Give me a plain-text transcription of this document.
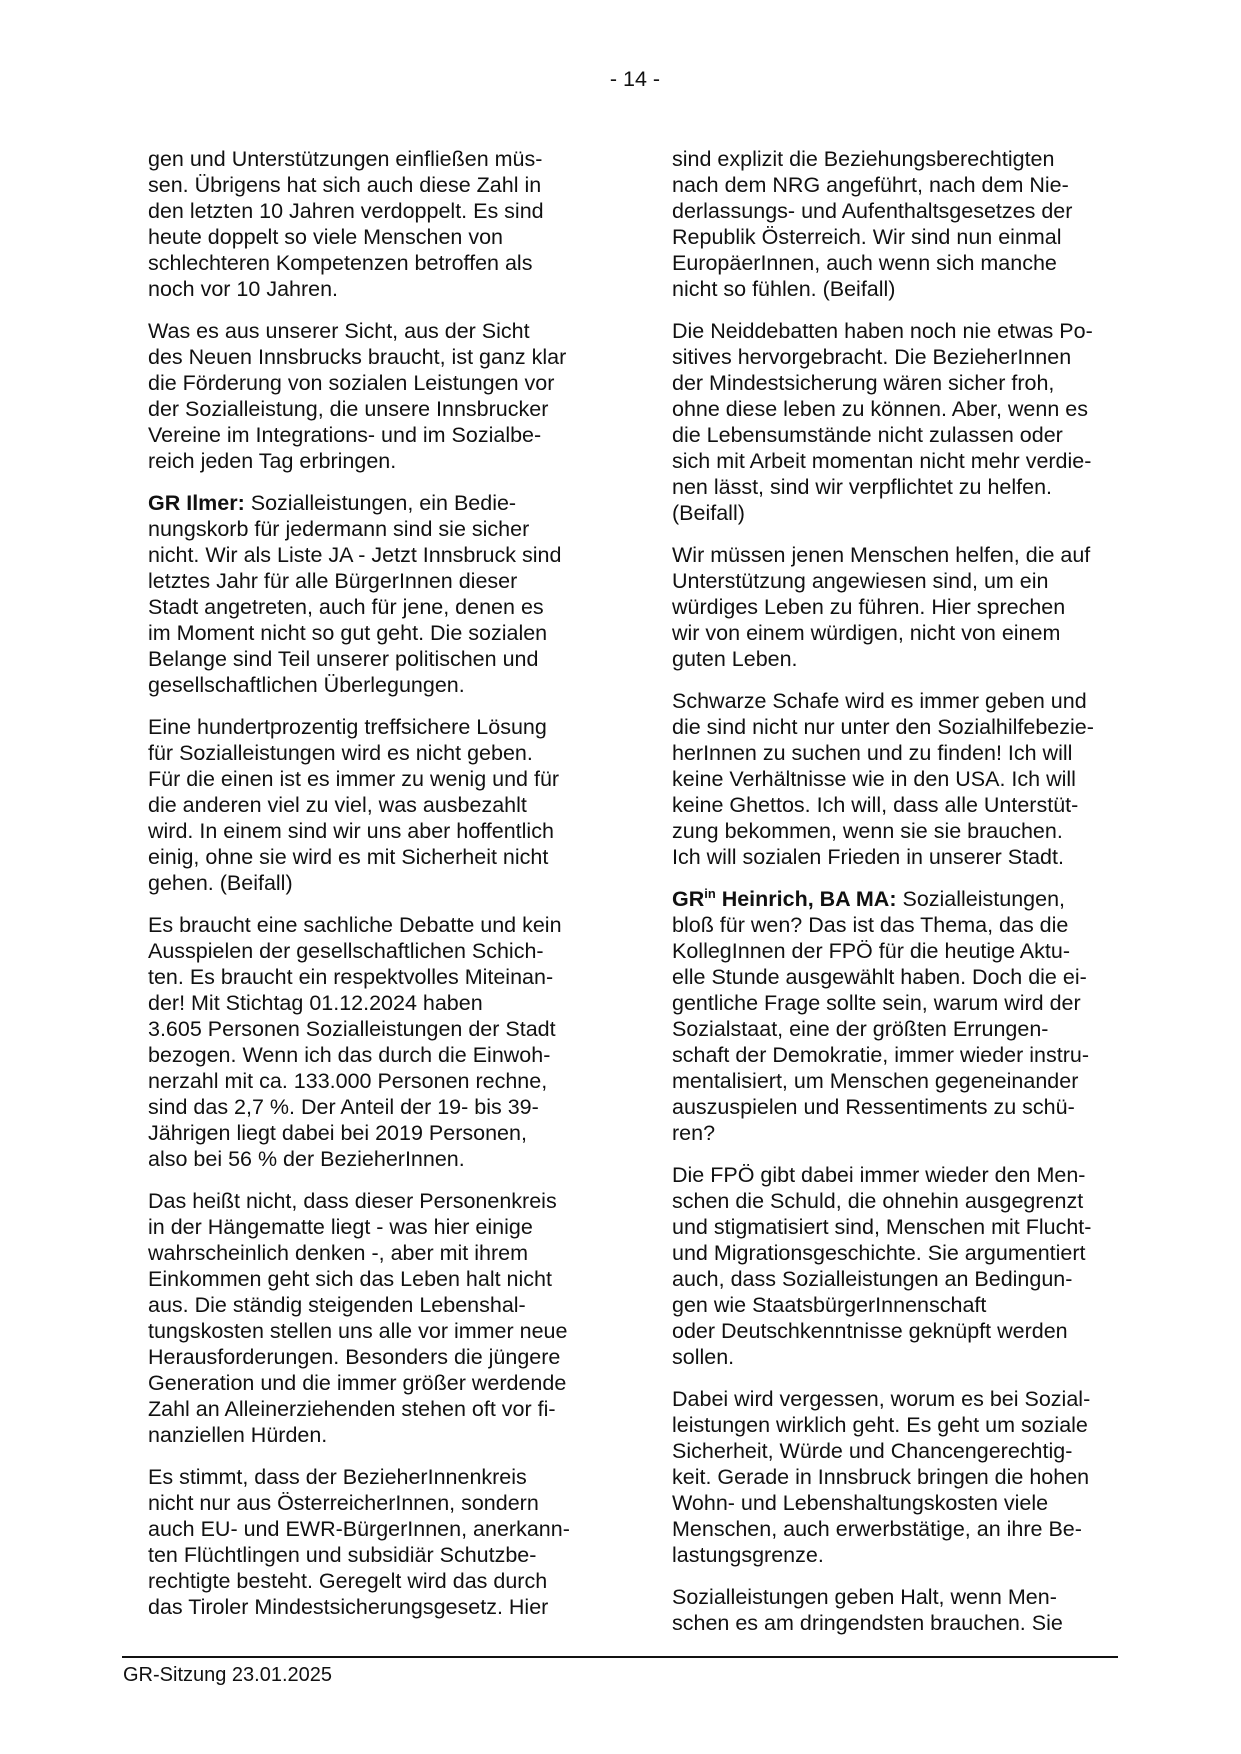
- 14 -

gen und Unterstützungen einfließen müs-
sen. Übrigens hat sich auch diese Zahl in
den letzten 10 Jahren verdoppelt. Es sind
heute doppelt so viele Menschen von
schlechteren Kompetenzen betroffen als
noch vor 10 Jahren.

Was es aus unserer Sicht, aus der Sicht
des Neuen Innsbrucks braucht, ist ganz klar
die Förderung von sozialen Leistungen vor
der Sozialleistung, die unsere Innsbrucker
Vereine im Integrations- und im Sozialbe-
reich jeden Tag erbringen.

GR Ilmer: Sozialleistungen, ein Bedie-
nungskorb für jedermann sind sie sicher
nicht. Wir als Liste JA - Jetzt Innsbruck sind
letztes Jahr für alle BürgerInnen dieser
Stadt angetreten, auch für jene, denen es
im Moment nicht so gut geht. Die sozialen
Belange sind Teil unserer politischen und
gesellschaftlichen Überlegungen.

Eine hundertprozentig treffsichere Lösung
für Sozialleistungen wird es nicht geben.
Für die einen ist es immer zu wenig und für
die anderen viel zu viel, was ausbezahlt
wird. In einem sind wir uns aber hoffentlich
einig, ohne sie wird es mit Sicherheit nicht
gehen. (Beifall)

Es braucht eine sachliche Debatte und kein
Ausspielen der gesellschaftlichen Schich-
ten. Es braucht ein respektvolles Miteinan-
der! Mit Stichtag 01.12.2024 haben
3.605 Personen Sozialleistungen der Stadt
bezogen. Wenn ich das durch die Einwoh-
nerzahl mit ca. 133.000 Personen rechne,
sind das 2,7 %. Der Anteil der 19- bis 39-
Jährigen liegt dabei bei 2019 Personen,
also bei 56 % der BezieherInnen.

Das heißt nicht, dass dieser Personenkreis
in der Hängematte liegt - was hier einige
wahrscheinlich denken -, aber mit ihrem
Einkommen geht sich das Leben halt nicht
aus. Die ständig steigenden Lebenshal-
tungskosten stellen uns alle vor immer neue
Herausforderungen. Besonders die jüngere
Generation und die immer größer werdende
Zahl an Alleinerziehenden stehen oft vor fi-
nanziellen Hürden.

Es stimmt, dass der BezieherInnenkreis
nicht nur aus ÖsterreicherInnen, sondern
auch EU- und EWR-BürgerInnen, anerkann-
ten Flüchtlingen und subsidiär Schutzbe-
rechtigte besteht. Geregelt wird das durch
das Tiroler Mindestsicherungsgesetz. Hier

sind explizit die Beziehungsberechtigten
nach dem NRG angeführt, nach dem Nie-
derlassungs- und Aufenthaltsgesetzes der
Republik Österreich. Wir sind nun einmal
EuropäerInnen, auch wenn sich manche
nicht so fühlen. (Beifall)

Die Neiddebatten haben noch nie etwas Po-
sitives hervorgebracht. Die BezieherInnen
der Mindestsicherung wären sicher froh,
ohne diese leben zu können. Aber, wenn es
die Lebensumstände nicht zulassen oder
sich mit Arbeit momentan nicht mehr verdie-
nen lässt, sind wir verpflichtet zu helfen.
(Beifall)

Wir müssen jenen Menschen helfen, die auf
Unterstützung angewiesen sind, um ein
würdiges Leben zu führen. Hier sprechen
wir von einem würdigen, nicht von einem
guten Leben.

Schwarze Schafe wird es immer geben und
die sind nicht nur unter den Sozialhilfebezie-
herInnen zu suchen und zu finden! Ich will
keine Verhältnisse wie in den USA. Ich will
keine Ghettos. Ich will, dass alle Unterstüt-
zung bekommen, wenn sie sie brauchen.
Ich will sozialen Frieden in unserer Stadt.

$GR^{in}$ Heinrich, BA MA: Sozialleistungen,
bloß für wen? Das ist das Thema, das die
KollegInnen der FPÖ für die heutige Aktu-
elle Stunde ausgewählt haben. Doch die ei-
gentliche Frage sollte sein, warum wird der
Sozialstaat, eine der größten Errungen-
schaft der Demokratie, immer wieder instru-
mentalisiert, um Menschen gegeneinander
auszuspielen und Ressentiments zu schü-
ren?

Die FPÖ gibt dabei immer wieder den Men-
schen die Schuld, die ohnehin ausgegrenzt
und stigmatisiert sind, Menschen mit Flucht-
und Migrationsgeschichte. Sie argumentiert
auch, dass Sozialleistungen an Bedingun-
gen wie StaatsbürgerInnenschaft
oder Deutschkenntnisse geknüpft werden
sollen.

Dabei wird vergessen, worum es bei Sozial-
leistungen wirklich geht. Es geht um soziale
Sicherheit, Würde und Chancengerechtig-
keit. Gerade in Innsbruck bringen die hohen
Wohn- und Lebenshaltungskosten viele
Menschen, auch erwerbstätige, an ihre Be-
lastungsgrenze.

Sozialleistungen geben Halt, wenn Men-
schen es am dringendsten brauchen. Sie

GR-Sitzung 23.01.2025
